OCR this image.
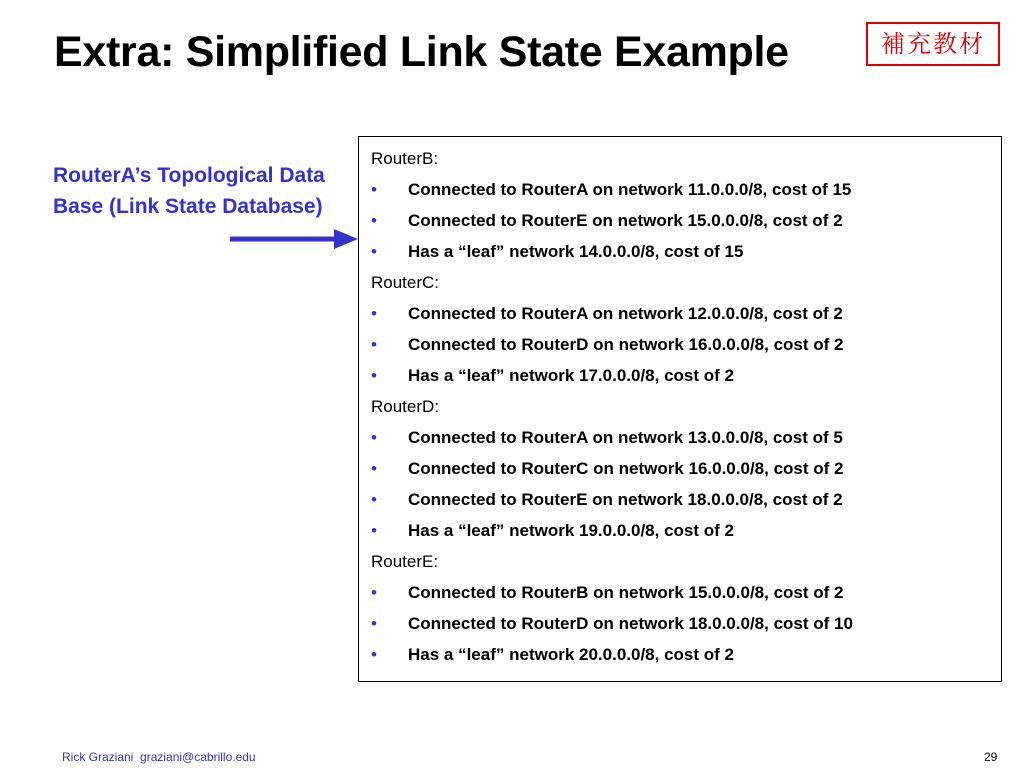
Extra: Simplified Link State Example	補充教材
RouterA’s Topological Data Base (Link State Database)
RouterB:
•	Connected to RouterA on network 11.0.0.0/8, cost of 15
•	Connected to RouterE on network 15.0.0.0/8, cost of 2
•	Has a “leaf” network 14.0.0.0/8, cost of 15
RouterC:
•	Connected to RouterA on network 12.0.0.0/8, cost of 2
•	Connected to RouterD on network 16.0.0.0/8, cost of 2
•	Has a “leaf” network 17.0.0.0/8, cost of 2
RouterD:
•	Connected to RouterA on network 13.0.0.0/8, cost of 5
•	Connected to RouterC on network 16.0.0.0/8, cost of 2
•	Connected to RouterE on network 18.0.0.0/8, cost of 2
•	Has a “leaf” network 19.0.0.0/8, cost of 2
RouterE:
•	Connected to RouterB on network 15.0.0.0/8, cost of 2
•	Connected to RouterD on network 18.0.0.0/8, cost of 10
•	Has a “leaf” network 20.0.0.0/8, cost of 2
Rick Graziani  graziani@cabrillo.edu	29
